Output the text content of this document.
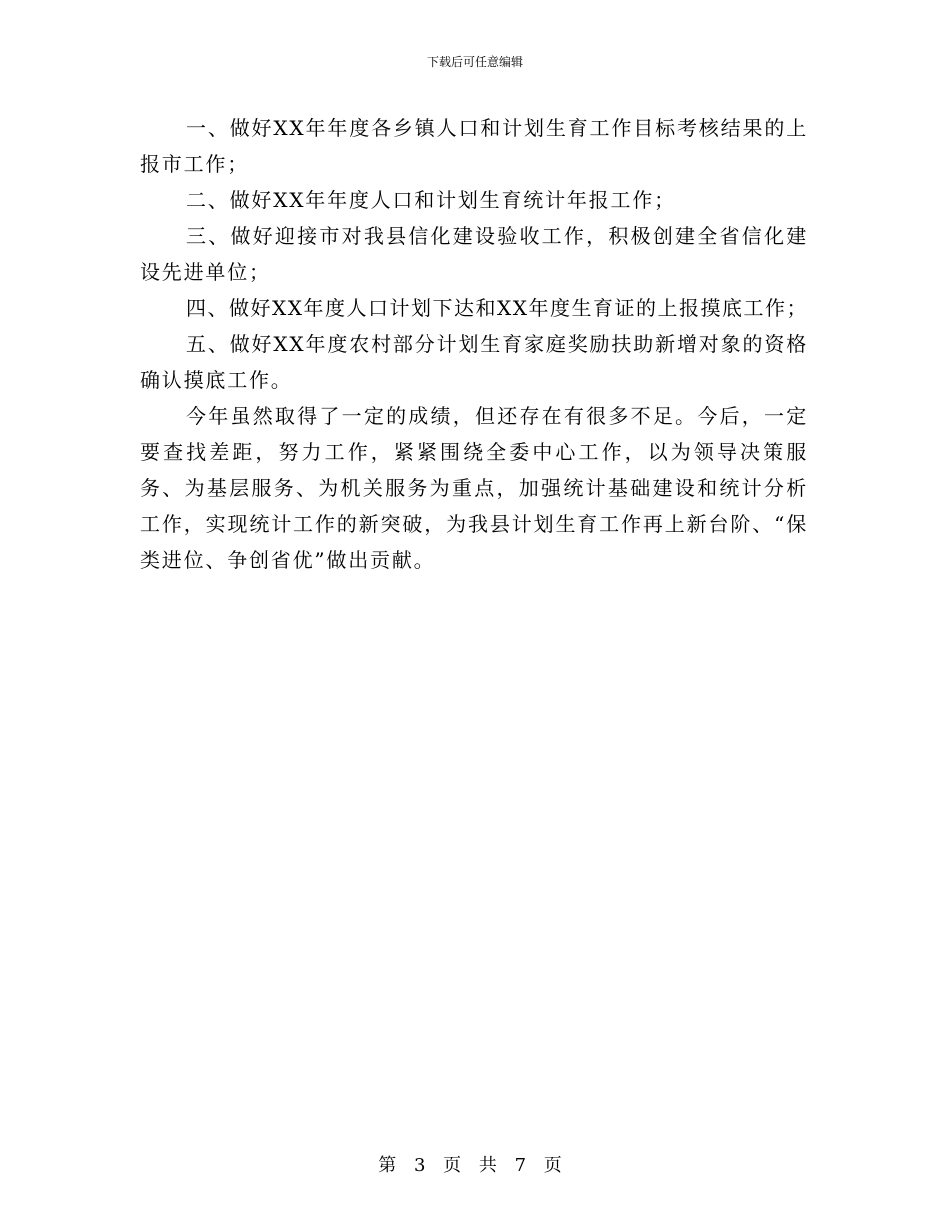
下载后可任意编辑

一、做好XX年年度各乡镇人口和计划生育工作目标考核结果的上报市工作；

二、做好XX年年度人口和计划生育统计年报工作；

三、做好迎接市对我县信化建设验收工作，积极创建全省信化建设先进单位；

四、做好XX年度人口计划下达和XX年度生育证的上报摸底工作；

五、做好XX年度农村部分计划生育家庭奖励扶助新增对象的资格确认摸底工作。

今年虽然取得了一定的成绩，但还存在有很多不足。今后，一定要查找差距，努力工作，紧紧围绕全委中心工作，以为领导决策服务、为基层服务、为机关服务为重点，加强统计基础建设和统计分析工作，实现统计工作的新突破，为我县计划生育工作再上新台阶、“保类进位、争创省优”做出贡献。

第 3 页 共 7 页
